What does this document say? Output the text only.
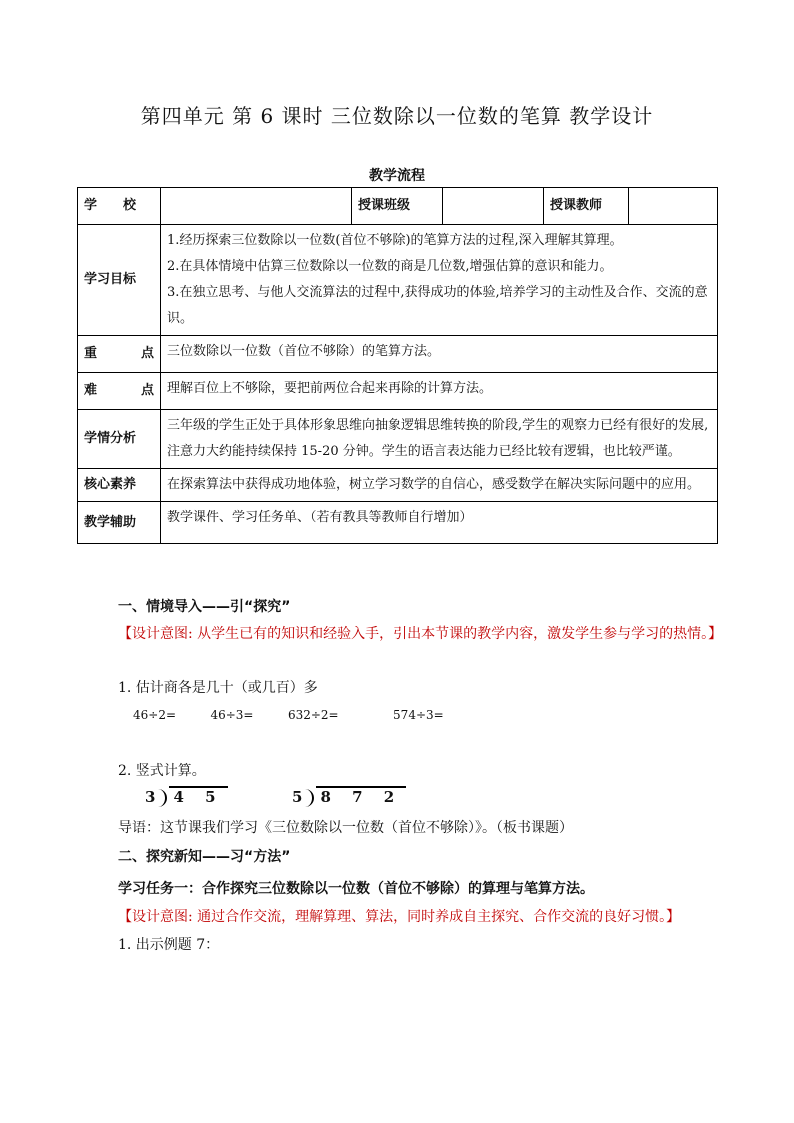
第四单元 第 6 课时 三位数除以一位数的笔算 教学设计
教学流程
学　　校		授课班级		授课教师	
学习目标	1.经历探索三位数除以一位数(首位不够除)的笔算方法的过程,深入理解其算理。
2.在具体情境中估算三位数除以一位数的商是几位数,增强估算的意识和能力。
3.在独立思考、与他人交流算法的过程中,获得成功的体验,培养学习的主动性及合作、交流的意识。				

重 点	三位数除以一位数（首位不够除）的笔算方法。				

难 点	理解百位上不够除，要把前两位合起来再除的计算方法。				
学情分析	三年级的学生正处于具体形象思维向抽象逻辑思维转换的阶段,学生的观察力已经有很好的发展,注意力大约能持续保持 15-20 分钟。学生的语言表达能力已经比较有逻辑，也比较严谨。				
核心素养	在探索算法中获得成功地体验，树立学习数学的自信心，感受数学在解决实际问题中的应用。				
教学辅助	教学课件、学习任务单、（若有教具等教师自行增加）				
一、情境导入——引“探究”
【设计意图: 从学生已有的知识和经验入手，引出本节课的教学内容，激发学生参与学习的热情。】
1. 估计商各是几十（或几百）多
46÷2=	46÷3=	632÷2=	574÷3=
2. 竖式计算。
3 4 5	5 8 7 2
导语：这节课我们学习《三位数除以一位数（首位不够除）》。（板书课题）
二、探究新知——习“方法”
学习任务一：合作探究三位数除以一位数（首位不够除）的算理与笔算方法。
【设计意图: 通过合作交流，理解算理、算法，同时养成自主探究、合作交流的良好习惯。】
1. 出示例题 7：
